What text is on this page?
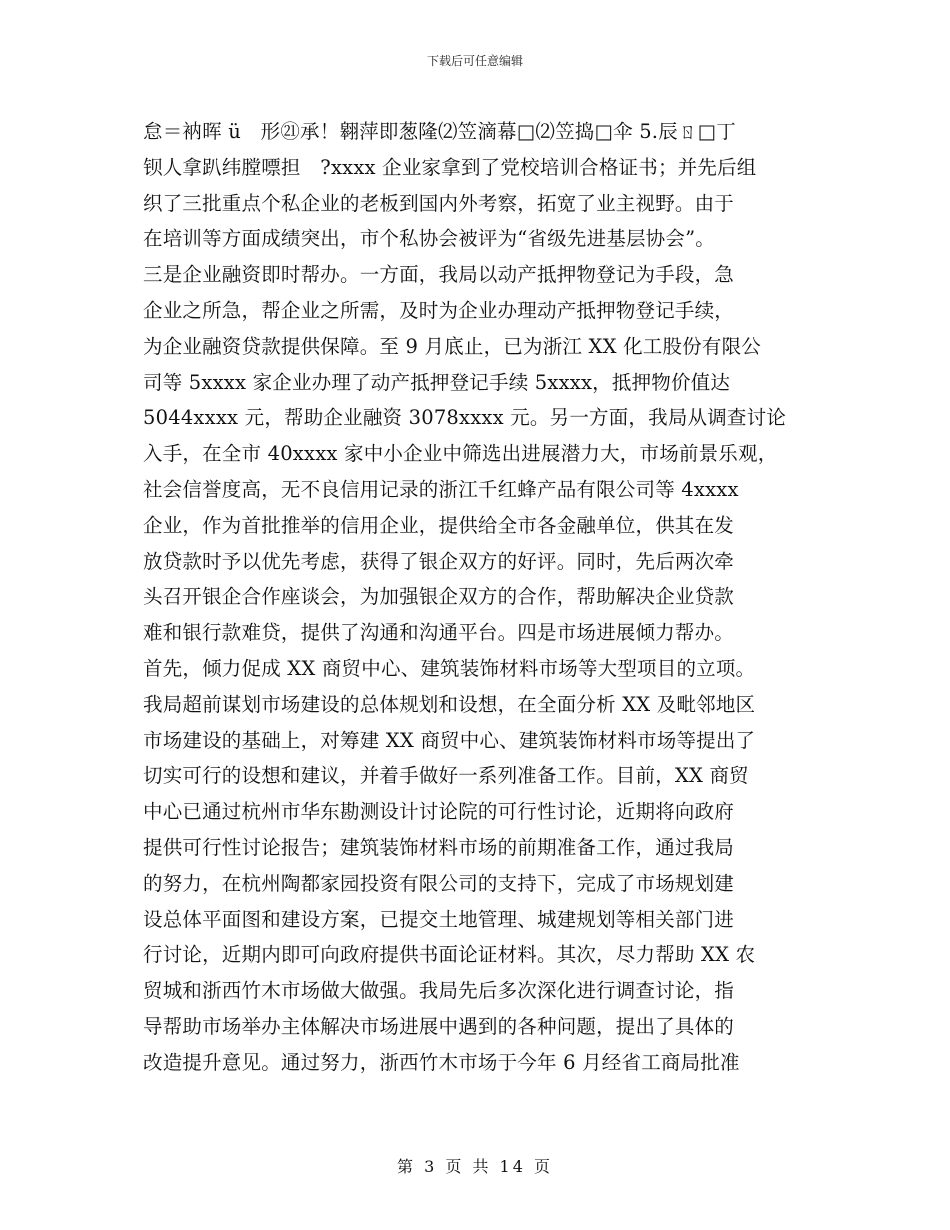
下载后可任意编辑
怠＝衲晖 ü　形㉑承！翱萍即葱隆⑵笠滴幕□⑵笠捣□伞 5.辰ㄖ□丁
钡人拿趴纬膛嘌担　?xxxx 企业家拿到了党校培训合格证书；并先后组
织了三批重点个私企业的老板到国内外考察，拓宽了业主视野。由于
在培训等方面成绩突出，市个私协会被评为“省级先进基层协会”。
三是企业融资即时帮办。一方面，我局以动产抵押物登记为手段，急
企业之所急，帮企业之所需，及时为企业办理动产抵押物登记手续，
为企业融资贷款提供保障。至 9 月底止，已为浙江 XX 化工股份有限公
司等 5xxxx 家企业办理了动产抵押登记手续 5xxxx，抵押物价值达
5044xxxx 元，帮助企业融资 3078xxxx 元。另一方面，我局从调查讨论
入手，在全市 40xxxx 家中小企业中筛选出进展潜力大，市场前景乐观，
社会信誉度高，无不良信用记录的浙江千红蜂产品有限公司等 4xxxx
企业，作为首批推举的信用企业，提供给全市各金融单位，供其在发
放贷款时予以优先考虑，获得了银企双方的好评。同时，先后两次牵
头召开银企合作座谈会，为加强银企双方的合作，帮助解决企业贷款
难和银行款难贷，提供了沟通和沟通平台。四是市场进展倾力帮办。
首先，倾力促成 XX 商贸中心、建筑装饰材料市场等大型项目的立项。
我局超前谋划市场建设的总体规划和设想，在全面分析 XX 及毗邻地区
市场建设的基础上，对筹建 XX 商贸中心、建筑装饰材料市场等提出了
切实可行的设想和建议，并着手做好一系列准备工作。目前，XX 商贸
中心已通过杭州市华东勘测设计讨论院的可行性讨论，近期将向政府
提供可行性讨论报告；建筑装饰材料市场的前期准备工作，通过我局
的努力，在杭州陶都家园投资有限公司的支持下，完成了市场规划建
设总体平面图和建设方案，已提交土地管理、城建规划等相关部门进
行讨论，近期内即可向政府提供书面论证材料。其次，尽力帮助 XX 农
贸城和浙西竹木市场做大做强。我局先后多次深化进行调查讨论，指
导帮助市场举办主体解决市场进展中遇到的各种问题，提出了具体的
改造提升意见。通过努力，浙西竹木市场于今年 6 月经省工商局批准
第 3 页 共 14 页
